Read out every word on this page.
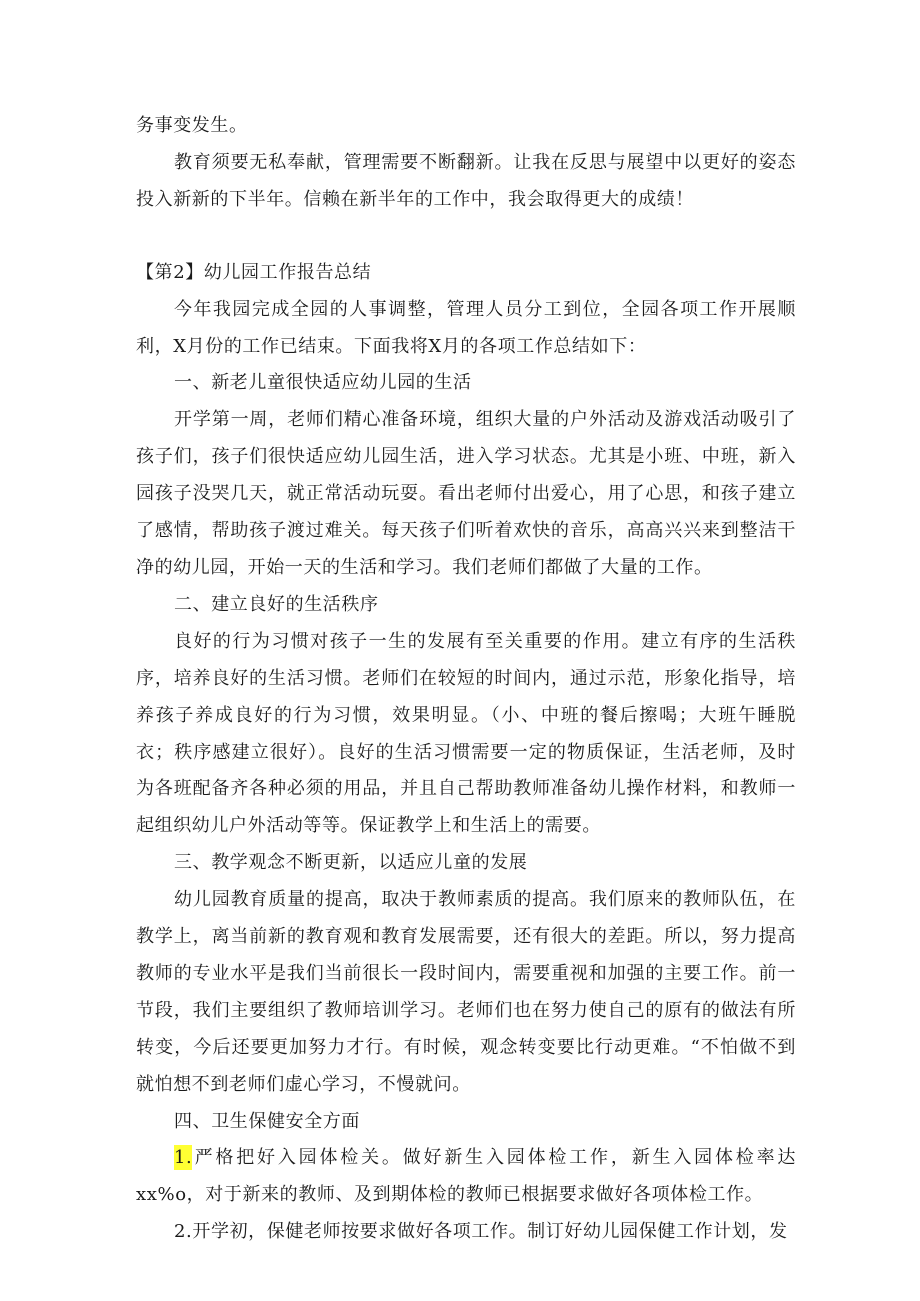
务事变发生。

教育须要无私奉献，管理需要不断翻新。让我在反思与展望中以更好的姿态投入新新的下半年。信赖在新半年的工作中，我会取得更大的成绩！

【第2】幼儿园工作报告总结

今年我园完成全园的人事调整，管理人员分工到位，全园各项工作开展顺利，X月份的工作已结束。下面我将X月的各项工作总结如下：

一、新老儿童很快适应幼儿园的生活

开学第一周，老师们精心准备环境，组织大量的户外活动及游戏活动吸引了孩子们，孩子们很快适应幼儿园生活，进入学习状态。尤其是小班、中班，新入园孩子没哭几天，就正常活动玩耍。看出老师付出爱心，用了心思，和孩子建立了感情，帮助孩子渡过难关。每天孩子们听着欢快的音乐，高高兴兴来到整洁干净的幼儿园，开始一天的生活和学习。我们老师们都做了大量的工作。

二、建立良好的生活秩序

良好的行为习惯对孩子一生的发展有至关重要的作用。建立有序的生活秩序，培养良好的生活习惯。老师们在较短的时间内，通过示范，形象化指导，培养孩子养成良好的行为习惯，效果明显。（小、中班的餐后擦喝；大班午睡脱衣；秩序感建立很好）。良好的生活习惯需要一定的物质保证，生活老师，及时为各班配备齐各种必须的用品，并且自己帮助教师准备幼儿操作材料，和教师一起组织幼儿户外活动等等。保证教学上和生活上的需要。

三、教学观念不断更新，以适应儿童的发展

幼儿园教育质量的提高，取决于教师素质的提高。我们原来的教师队伍，在教学上，离当前新的教育观和教育发展需要，还有很大的差距。所以，努力提高教师的专业水平是我们当前很长一段时间内，需要重视和加强的主要工作。前一节段，我们主要组织了教师培训学习。老师们也在努力使自己的原有的做法有所转变，今后还要更加努力才行。有时候，观念转变要比行动更难。“不怕做不到就怕想不到老师们虚心学习，不慢就问。

四、卫生保健安全方面

1.严格把好入园体检关。做好新生入园体检工作，新生入园体检率达xx%o，对于新来的教师、及到期体检的教师已根据要求做好各项体检工作。

2.开学初，保健老师按要求做好各项工作。制订好幼儿园保健工作计划，发
